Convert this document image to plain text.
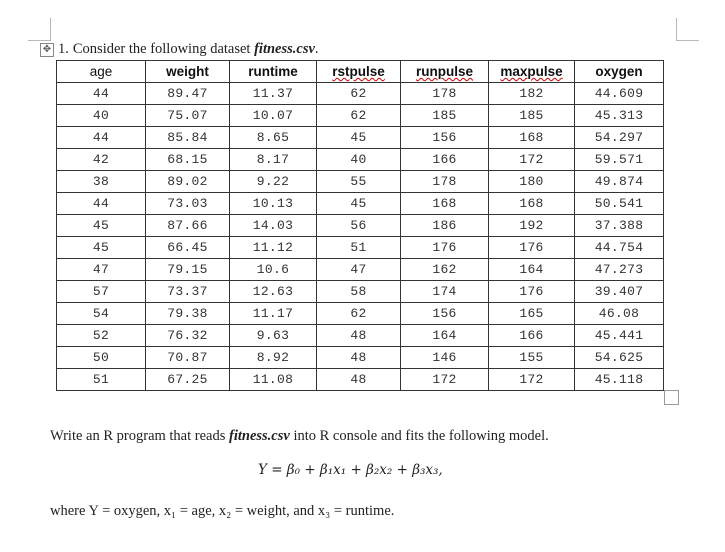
✥ 1. Consider the following dataset fitness.csv.
age	weight	runtime	rstpulse	runpulse	maxpulse	oxygen
44	89.47	11.37	62	178	182	44.609
40	75.07	10.07	62	185	185	45.313
44	85.84	8.65	45	156	168	54.297
42	68.15	8.17	40	166	172	59.571
38	89.02	9.22	55	178	180	49.874
44	73.03	10.13	45	168	168	50.541
45	87.66	14.03	56	186	192	37.388
45	66.45	11.12	51	176	176	44.754
47	79.15	10.6	47	162	164	47.273
57	73.37	12.63	58	174	176	39.407
54	79.38	11.17	62	156	165	46.08
52	76.32	9.63	48	164	166	45.441
50	70.87	8.92	48	146	155	54.625
51	67.25	11.08	48	172	172	45.118
Write an R program that reads fitness.csv into R console and fits the following model.
Y = β₀ + β₁x₁ + β₂x₂ + β₃x₃,
where Y = oxygen, x₁ = age, x₂ = weight, and x₃ = runtime.
